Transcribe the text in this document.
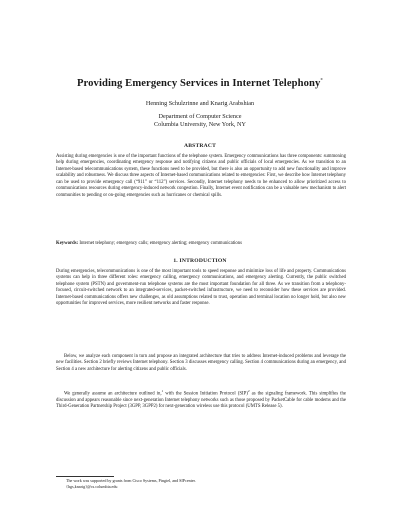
Providing Emergency Services in Internet Telephony*
Henning Schulzrinne and Knarig Arabshian
Department of Computer Science
Columbia University, New York, NY
ABSTRACT
Assisting during emergencies is one of the important functions of the telephone system. Emergency communications has three components: summoning help during emergencies, coordinating emergency response and notifying citizens and public officials of local emergencies. As we transition to an Internet-based telecommunications system, these functions need to be provided, but there is also an opportunity to add new functionality and improve scalability and robustness. We discuss three aspects of Internet-based communications related to emergencies: First, we describe how Internet telephony can be used to provide emergency call (“911” or “112”) services. Secondly, Internet telephony needs to be enhanced to allow prioritized access to communications resources during emergency-induced network congestion. Finally, Internet event notification can be a valuable new mechanism to alert communities to pending or on-going emergencies such as hurricanes or chemical spills.
Keywords: Internet telephony; emergency calls; emergency alerting; emergency communications
1. INTRODUCTION
During emergencies, telecommunications is one of the most important tools to speed response and minimize loss of life and property. Communications systems can help in three different roles: emergency calling, emergency communications, and emergency alerting. Currently, the public switched telephone system (PSTN) and government-run telephone systems are the most important foundation for all three. As we transition from a telephony-focused, circuit-switched network to an integrated-services, packet-switched infrastructure, we need to reconsider how these services are provided. Internet-based communications offers new challenges, as old assumptions related to trust, operation and terminal location no longer hold, but also new opportunities for improved services, more resilient networks and faster response.
Below, we analyze each component in turn and propose an integrated architecture that tries to address Internet-induced problems and leverage the new facilities. Section 2 briefly reviews Internet telephony. Section 3 discusses emergency calling. Section 4 communications during an emergency, and Section 4 a new architecture for alerting citizens and public officials.
We generally assume an architecture outlined in,$^1$ with the Session Initiation Protocol (SIP)$^2$ as the signaling framework. This simplifies the discussion and appears reasonable since next-generation Internet telephony networks such as those proposed by PacketCable for cable modems and the Third-Generation Partnership Project (3GPP, 3GPP2) for next-generation wireless use this protocol (UMTS Release 5).
The work was supported by grants from Cisco Systems, Pingtel, and SIPcenter.
{hgs,knarig}@cs.columbia.edu
